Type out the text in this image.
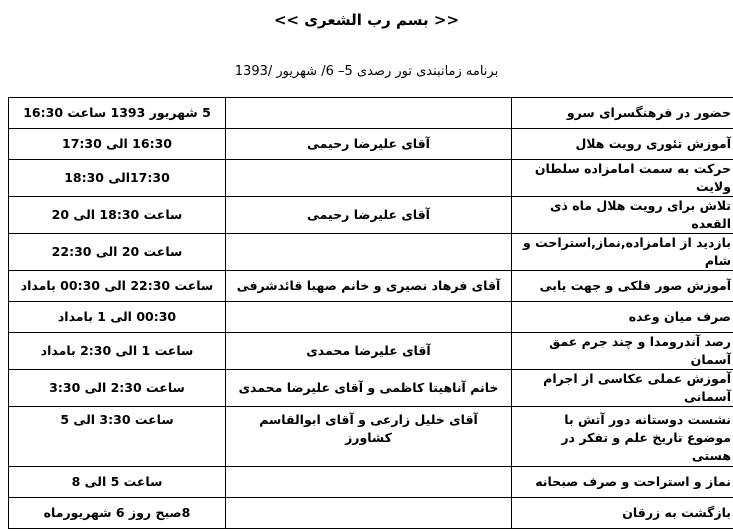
<< بسم رب الشعری >>
برنامه زمانبندی تور رصدی 5– 6/ شهریور /1393
حضور در فرهنگسرای سرو		5 شهریور 1393 ساعت 16:30
آموزش تئوری رویت هلال	آقای علیرضا رحیمی	16:30 الی 17:30
حرکت به سمت امامزاده سلطان ولایت		17:30الی 18:30
تلاش برای رویت هلال ماه ذی القعده	آقای علیرضا رحیمی	ساعت 18:30 الی 20
بازدید از امامزاده,نماز,استراحت و شام		ساعت 20 الی 22:30
آموزش صور فلکی و جهت یابی	آقای فرهاد نصیری و خانم صهبا قائدشرفی	ساعت 22:30 الی 00:30 بامداد
صرف میان وعده		00:30 الی 1 بامداد
رصد آندرومدا و چند جرم عمق آسمان	آقای علیرضا محمدی	ساعت 1 الی 2:30 بامداد
آموزش عملی عکاسی از اجرام آسمانی	خانم آناهیتا کاظمی و آقای علیرضا محمدی	ساعت 2:30 الی 3:30
نشست دوستانه دور آتش با موضوع تاریخ علم و تفکر در هستی	آقای خلیل زارعی و آقای ابوالقاسم کشاورز	ساعت 3:30 الی 5
نماز و استراحت و صرف صبحانه		ساعت 5 الی 8
بازگشت به زرقان		8صبح روز 6 شهریورماه
